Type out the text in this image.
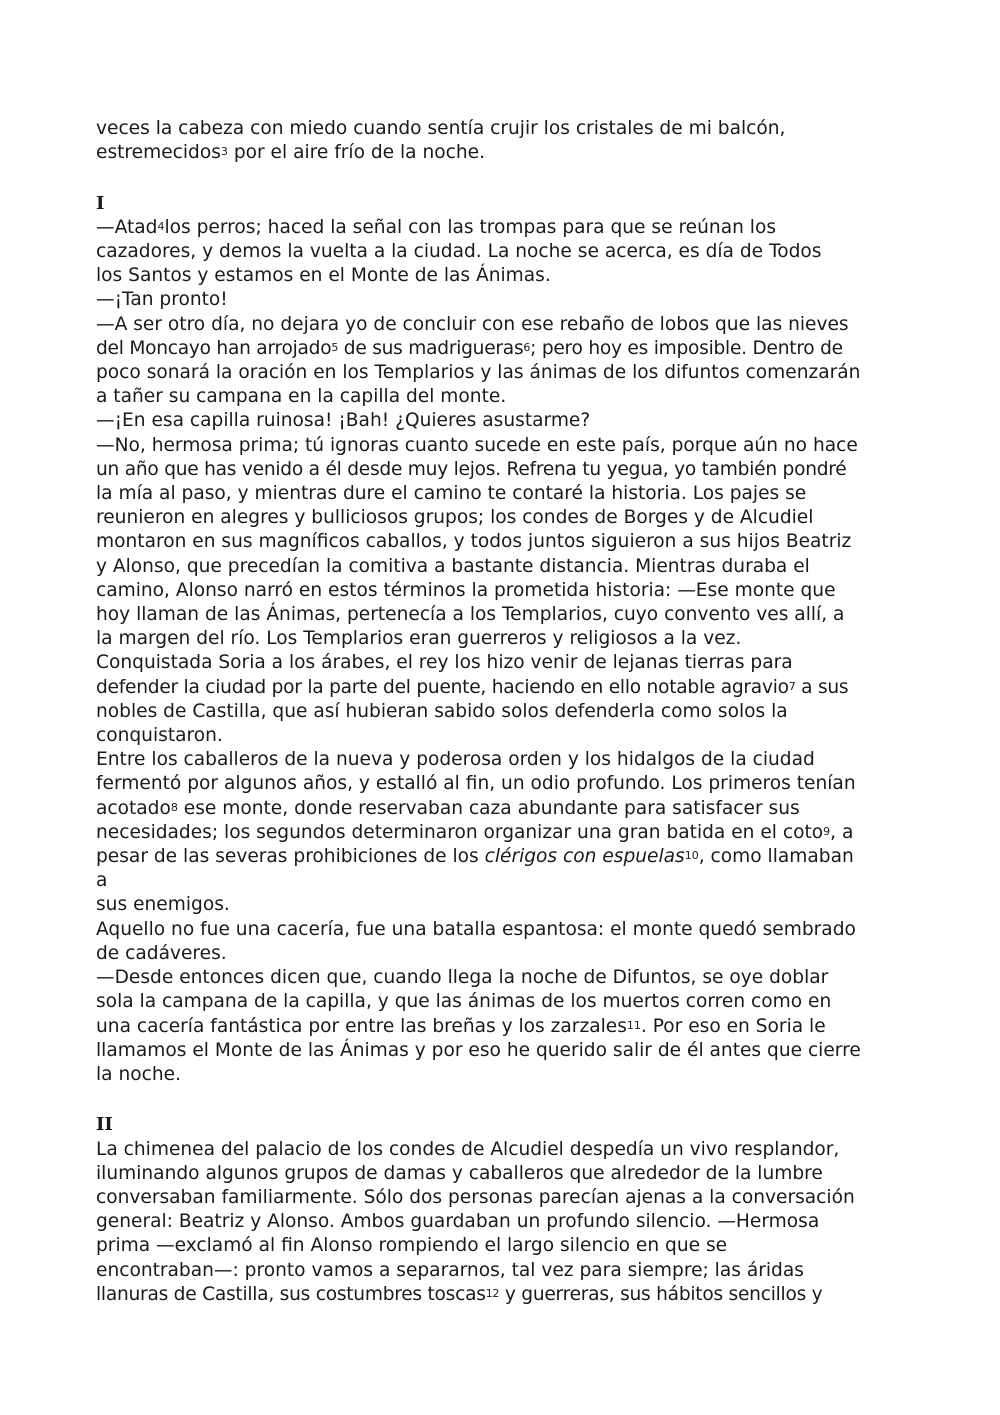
veces la cabeza con miedo cuando sentía crujir los cristales de mi balcón,

estremecidos$^3$ por el aire frío de la noche.

I

—Atad$^4$los perros; haced la señal con las trompas para que se reúnan los

cazadores, y demos la vuelta a la ciudad. La noche se acerca, es día de Todos

los Santos y estamos en el Monte de las Ánimas.

—¡Tan pronto!

—A ser otro día, no dejara yo de concluir con ese rebaño de lobos que las nieves

del Moncayo han arrojado$^5$ de sus madrigueras$^6$; pero hoy es imposible. Dentro de

poco sonará la oración en los Templarios y las ánimas de los difuntos comenzarán

a tañer su campana en la capilla del monte.

—¡En esa capilla ruinosa! ¡Bah! ¿Quieres asustarme?

—No, hermosa prima; tú ignoras cuanto sucede en este país, porque aún no hace

un año que has venido a él desde muy lejos. Refrena tu yegua, yo también pondré

la mía al paso, y mientras dure el camino te contaré la historia. Los pajes se

reunieron en alegres y bulliciosos grupos; los condes de Borges y de Alcudiel

montaron en sus magníficos caballos, y todos juntos siguieron a sus hijos Beatriz

y Alonso, que precedían la comitiva a bastante distancia. Mientras duraba el

camino, Alonso narró en estos términos la prometida historia: —Ese monte que

hoy llaman de las Ánimas, pertenecía a los Templarios, cuyo convento ves allí, a

la margen del río. Los Templarios eran guerreros y religiosos a la vez.

Conquistada Soria a los árabes, el rey los hizo venir de lejanas tierras para

defender la ciudad por la parte del puente, haciendo en ello notable agravio$^7$ a sus

nobles de Castilla, que así hubieran sabido solos defenderla como solos la

conquistaron.

Entre los caballeros de la nueva y poderosa orden y los hidalgos de la ciudad

fermentó por algunos años, y estalló al fin, un odio profundo. Los primeros tenían

acotado$^8$ ese monte, donde reservaban caza abundante para satisfacer sus

necesidades; los segundos determinaron organizar una gran batida en el coto$^9$, a

pesar de las severas prohibiciones de los clérigos con espuelas$^{10}$, como llamaban

a

sus enemigos.

Aquello no fue una cacería, fue una batalla espantosa: el monte quedó sembrado

de cadáveres.

—Desde entonces dicen que, cuando llega la noche de Difuntos, se oye doblar

sola la campana de la capilla, y que las ánimas de los muertos corren como en

una cacería fantástica por entre las breñas y los zarzales$^{11}$. Por eso en Soria le

llamamos el Monte de las Ánimas y por eso he querido salir de él antes que cierre

la noche.

II

La chimenea del palacio de los condes de Alcudiel despedía un vivo resplandor,

iluminando algunos grupos de damas y caballeros que alrededor de la lumbre

conversaban familiarmente. Sólo dos personas parecían ajenas a la conversación

general: Beatriz y Alonso. Ambos guardaban un profundo silencio. —Hermosa

prima —exclamó al fin Alonso rompiendo el largo silencio en que se

encontraban—: pronto vamos a separarnos, tal vez para siempre; las áridas

llanuras de Castilla, sus costumbres toscas$^{12}$ y guerreras, sus hábitos sencillos y
